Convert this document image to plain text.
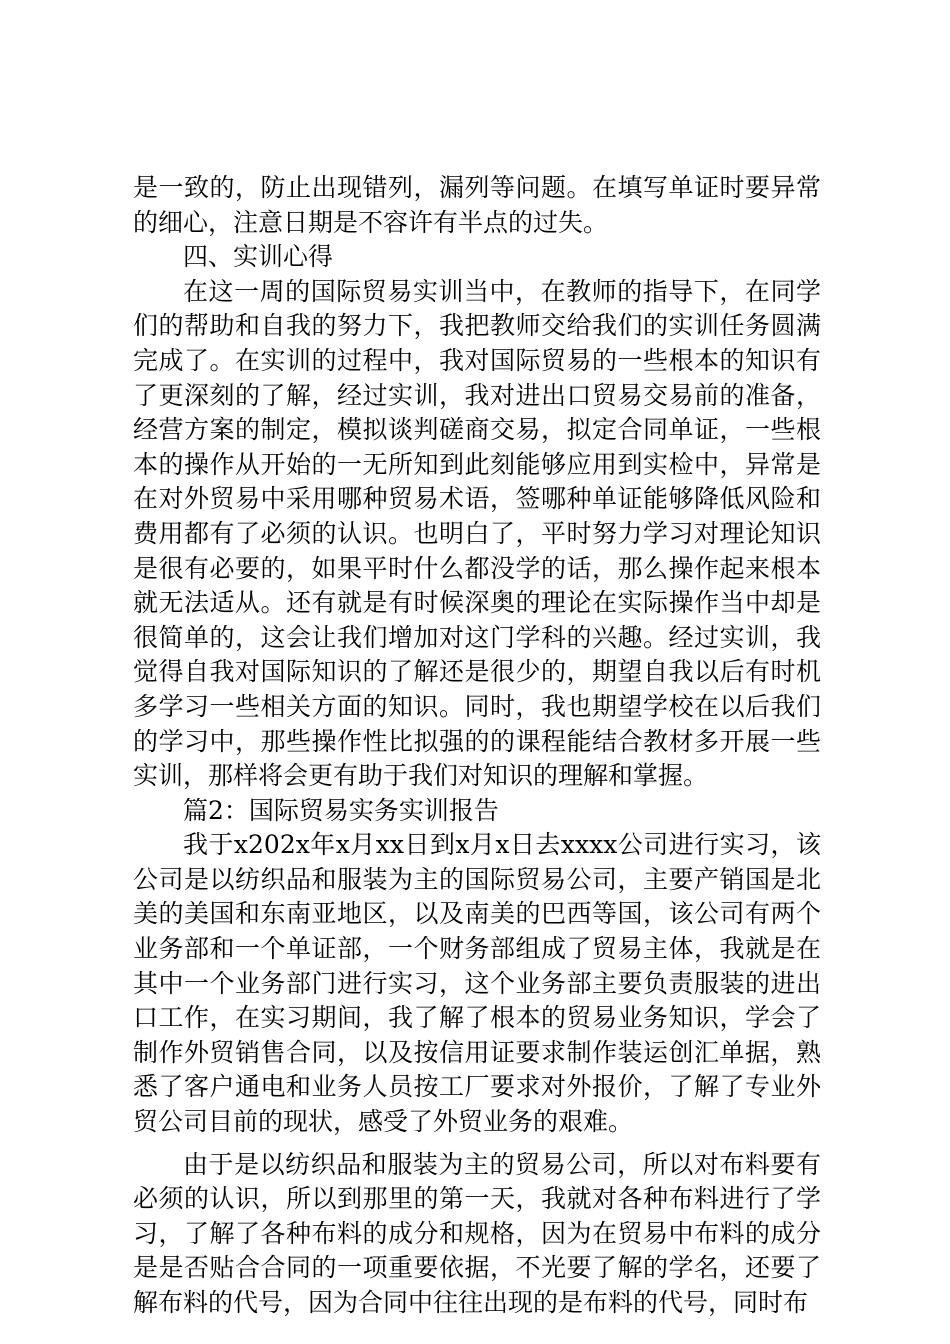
是一致的，防止出现错列，漏列等问题。在填写单证时要异常的细心，注意日期是不容许有半点的过失。

四、实训心得

在这一周的国际贸易实训当中，在教师的指导下，在同学们的帮助和自我的努力下，我把教师交给我们的实训任务圆满完成了。在实训的过程中，我对国际贸易的一些根本的知识有了更深刻的了解，经过实训，我对进出口贸易交易前的准备，经营方案的制定，模拟谈判磋商交易，拟定合同单证，一些根本的操作从开始的一无所知到此刻能够应用到实检中，异常是在对外贸易中采用哪种贸易术语，签哪种单证能够降低风险和费用都有了必须的认识。也明白了，平时努力学习对理论知识是很有必要的，如果平时什么都没学的话，那么操作起来根本就无法适从。还有就是有时候深奥的理论在实际操作当中却是很简单的，这会让我们增加对这门学科的兴趣。经过实训，我觉得自我对国际知识的了解还是很少的，期望自我以后有时机多学习一些相关方面的知识。同时，我也期望学校在以后我们的学习中，那些操作性比拟强的的课程能结合教材多开展一些实训，那样将会更有助于我们对知识的理解和掌握。

篇2：国际贸易实务实训报告

我于x202x年x月xx日到x月x日去xxxx公司进行实习，该公司是以纺织品和服装为主的国际贸易公司，主要产销国是北美的美国和东南亚地区，以及南美的巴西等国，该公司有两个业务部和一个单证部，一个财务部组成了贸易主体，我就是在其中一个业务部门进行实习，这个业务部主要负责服装的进出口工作，在实习期间，我了解了根本的贸易业务知识，学会了制作外贸销售合同，以及按信用证要求制作装运创汇单据，熟悉了客户通电和业务人员按工厂要求对外报价，了解了专业外贸公司目前的现状，感受了外贸业务的艰难。

由于是以纺织品和服装为主的贸易公司，所以对布料要有必须的认识，所以到那里的第一天，我就对各种布料进行了学习，了解了各种布料的成分和规格，因为在贸易中布料的成分是是否贴合合同的一项重要依据，不光要了解的学名，还要了解布料的代号，因为合同中往往出现的是布料的代号，同时布
